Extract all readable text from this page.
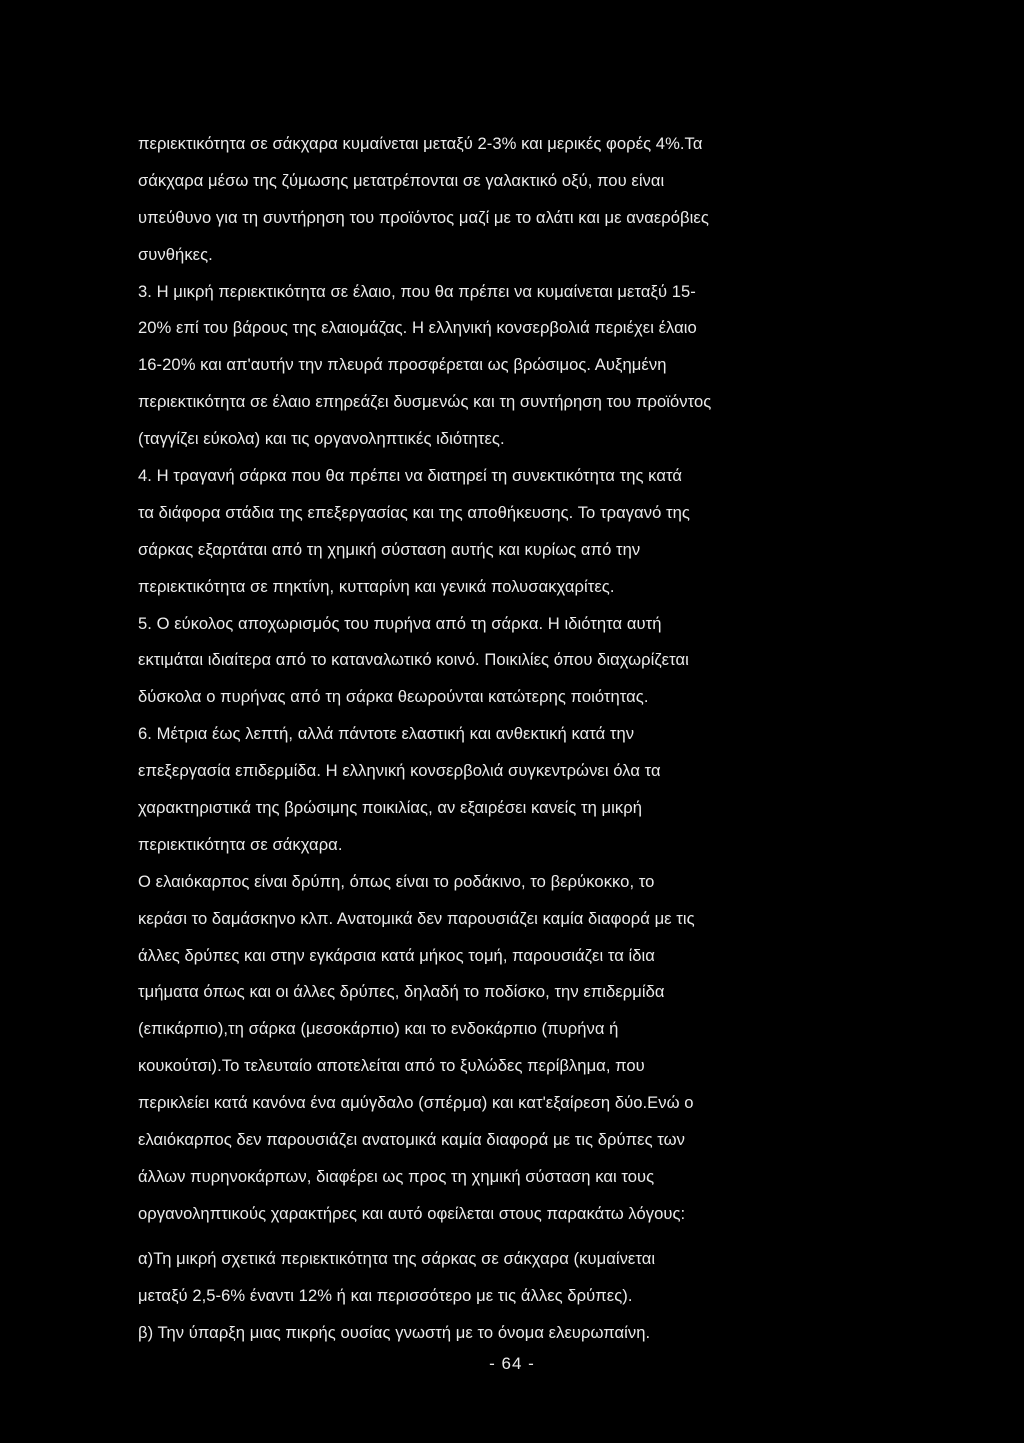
περιεκτικότητα σε σάκχαρα κυμαίνεται μεταξύ 2-3% και μερικές φορές 4%.Τα
σάκχαρα μέσω της ζύμωσης μετατρέπονται σε γαλακτικό οξύ, που είναι
υπεύθυνο για τη συντήρηση του προϊόντος μαζί με το αλάτι και με αναερόβιες
συνθήκες.
3. Η μικρή περιεκτικότητα σε έλαιο, που θα πρέπει να κυμαίνεται μεταξύ 15-
20% επί του βάρους της ελαιομάζας. Η ελληνική κονσερβολιά περιέχει έλαιο
16-20% και απ'αυτήν την πλευρά προσφέρεται ως βρώσιμος. Αυξημένη
περιεκτικότητα σε έλαιο επηρεάζει δυσμενώς και τη συντήρηση του προϊόντος
(ταγγίζει εύκολα) και τις οργανοληπτικές ιδιότητες.
4. Η τραγανή σάρκα που θα πρέπει να διατηρεί τη συνεκτικότητα της κατά
τα διάφορα στάδια της επεξεργασίας και της αποθήκευσης. Το τραγανό της
σάρκας εξαρτάται από τη χημική σύσταση αυτής και κυρίως από την
περιεκτικότητα σε πηκτίνη, κυτταρίνη και γενικά πολυσακχαρίτες.
5. Ο εύκολος αποχωρισμός του πυρήνα από τη σάρκα. Η ιδιότητα αυτή
εκτιμάται ιδιαίτερα από το καταναλωτικό κοινό. Ποικιλίες όπου διαχωρίζεται
δύσκολα ο πυρήνας από τη σάρκα θεωρούνται κατώτερης ποιότητας.
6. Μέτρια έως λεπτή, αλλά πάντοτε ελαστική και ανθεκτική κατά την
επεξεργασία επιδερμίδα. Η ελληνική κονσερβολιά συγκεντρώνει όλα τα
χαρακτηριστικά της βρώσιμης ποικιλίας, αν εξαιρέσει κανείς τη μικρή
περιεκτικότητα σε σάκχαρα.
Ο ελαιόκαρπος είναι δρύπη, όπως είναι το ροδάκινο, το βερύκοκκο, το
κεράσι το δαμάσκηνο κλπ. Ανατομικά δεν παρουσιάζει καμία διαφορά με τις
άλλες δρύπες και στην εγκάρσια κατά μήκος τομή, παρουσιάζει τα ίδια
τμήματα όπως και οι άλλες δρύπες, δηλαδή το ποδίσκο, την επιδερμίδα
(επικάρπιο),τη σάρκα (μεσοκάρπιο) και το ενδοκάρπιο (πυρήνα ή
κουκούτσι).Το τελευταίο αποτελείται από το ξυλώδες περίβλημα, που
περικλείει κατά κανόνα ένα αμύγδαλο (σπέρμα) και κατ'εξαίρεση δύο.Ενώ ο
ελαιόκαρπος δεν παρουσιάζει ανατομικά καμία διαφορά με τις δρύπες των
άλλων πυρηνοκάρπων, διαφέρει ως προς τη χημική σύσταση και τους
οργανοληπτικούς χαρακτήρες και αυτό οφείλεται στους παρακάτω λόγους:
α)Τη μικρή σχετικά περιεκτικότητα της σάρκας σε σάκχαρα (κυμαίνεται
μεταξύ 2,5-6% έναντι 12% ή και περισσότερο με τις άλλες δρύπες).
β) Την ύπαρξη μιας πικρής ουσίας γνωστή με το όνομα ελευρωπαίνη.
- 64 -
